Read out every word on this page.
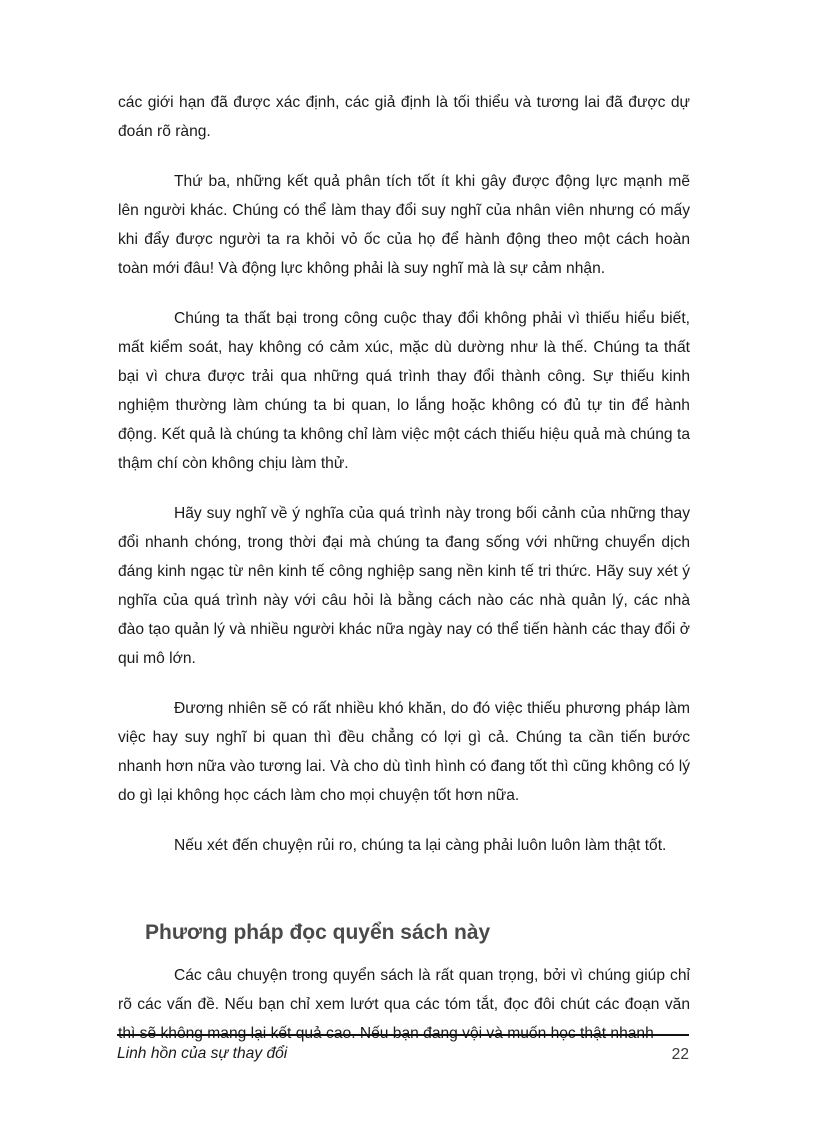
các giới hạn đã được xác định, các giả định là tối thiểu và tương lai đã được dự đoán rõ ràng.

Thứ ba, những kết quả phân tích tốt ít khi gây được động lực mạnh mẽ lên người khác. Chúng có thể làm thay đổi suy nghĩ của nhân viên nhưng có mấy khi đẩy được người ta ra khỏi vỏ ốc của họ để hành động theo một cách hoàn toàn mới đâu! Và động lực không phải là suy nghĩ mà là sự cảm nhận.

Chúng ta thất bại trong công cuộc thay đổi không phải vì thiếu hiểu biết, mất kiểm soát, hay không có cảm xúc, mặc dù dường như là thế. Chúng ta thất bại vì chưa được trải qua những quá trình thay đổi thành công. Sự thiếu kinh nghiệm thường làm chúng ta bi quan, lo lắng hoặc không có đủ tự tin để hành động. Kết quả là chúng ta không chỉ làm việc một cách thiếu hiệu quả mà chúng ta thậm chí còn không chịu làm thử.

Hãy suy nghĩ về ý nghĩa của quá trình này trong bối cảnh của những thay đổi nhanh chóng, trong thời đại mà chúng ta đang sống với những chuyển dịch đáng kinh ngạc từ nên kinh tế công nghiệp sang nền kinh tế tri thức. Hãy suy xét ý nghĩa của quá trình này với câu hỏi là bằng cách nào các nhà quản lý, các nhà đào tạo quản lý và nhiều người khác nữa ngày nay có thể tiến hành các thay đổi ở qui mô lớn.

Đương nhiên sẽ có rất nhiều khó khăn, do đó việc thiếu phương pháp làm việc hay suy nghĩ bi quan thì đều chẳng có lợi gì cả. Chúng ta cần tiến bước nhanh hơn nữa vào tương lai. Và cho dù tình hình có đang tốt thì cũng không có lý do gì lại không học cách làm cho mọi chuyện tốt hơn nữa.

Nếu xét đến chuyện rủi ro, chúng ta lại càng phải luôn luôn làm thật tốt.

Phương pháp đọc quyển sách này

Các câu chuyện trong quyển sách là rất quan trọng, bởi vì chúng giúp chỉ rõ các vấn đề. Nếu bạn chỉ xem lướt qua các tóm tắt, đọc đôi chút các đoạn văn thì sẽ không mang lại kết quả cao. Nếu bạn đang vội và muốn học thật nhanh

Linh hồn của sự thay đổi	22
